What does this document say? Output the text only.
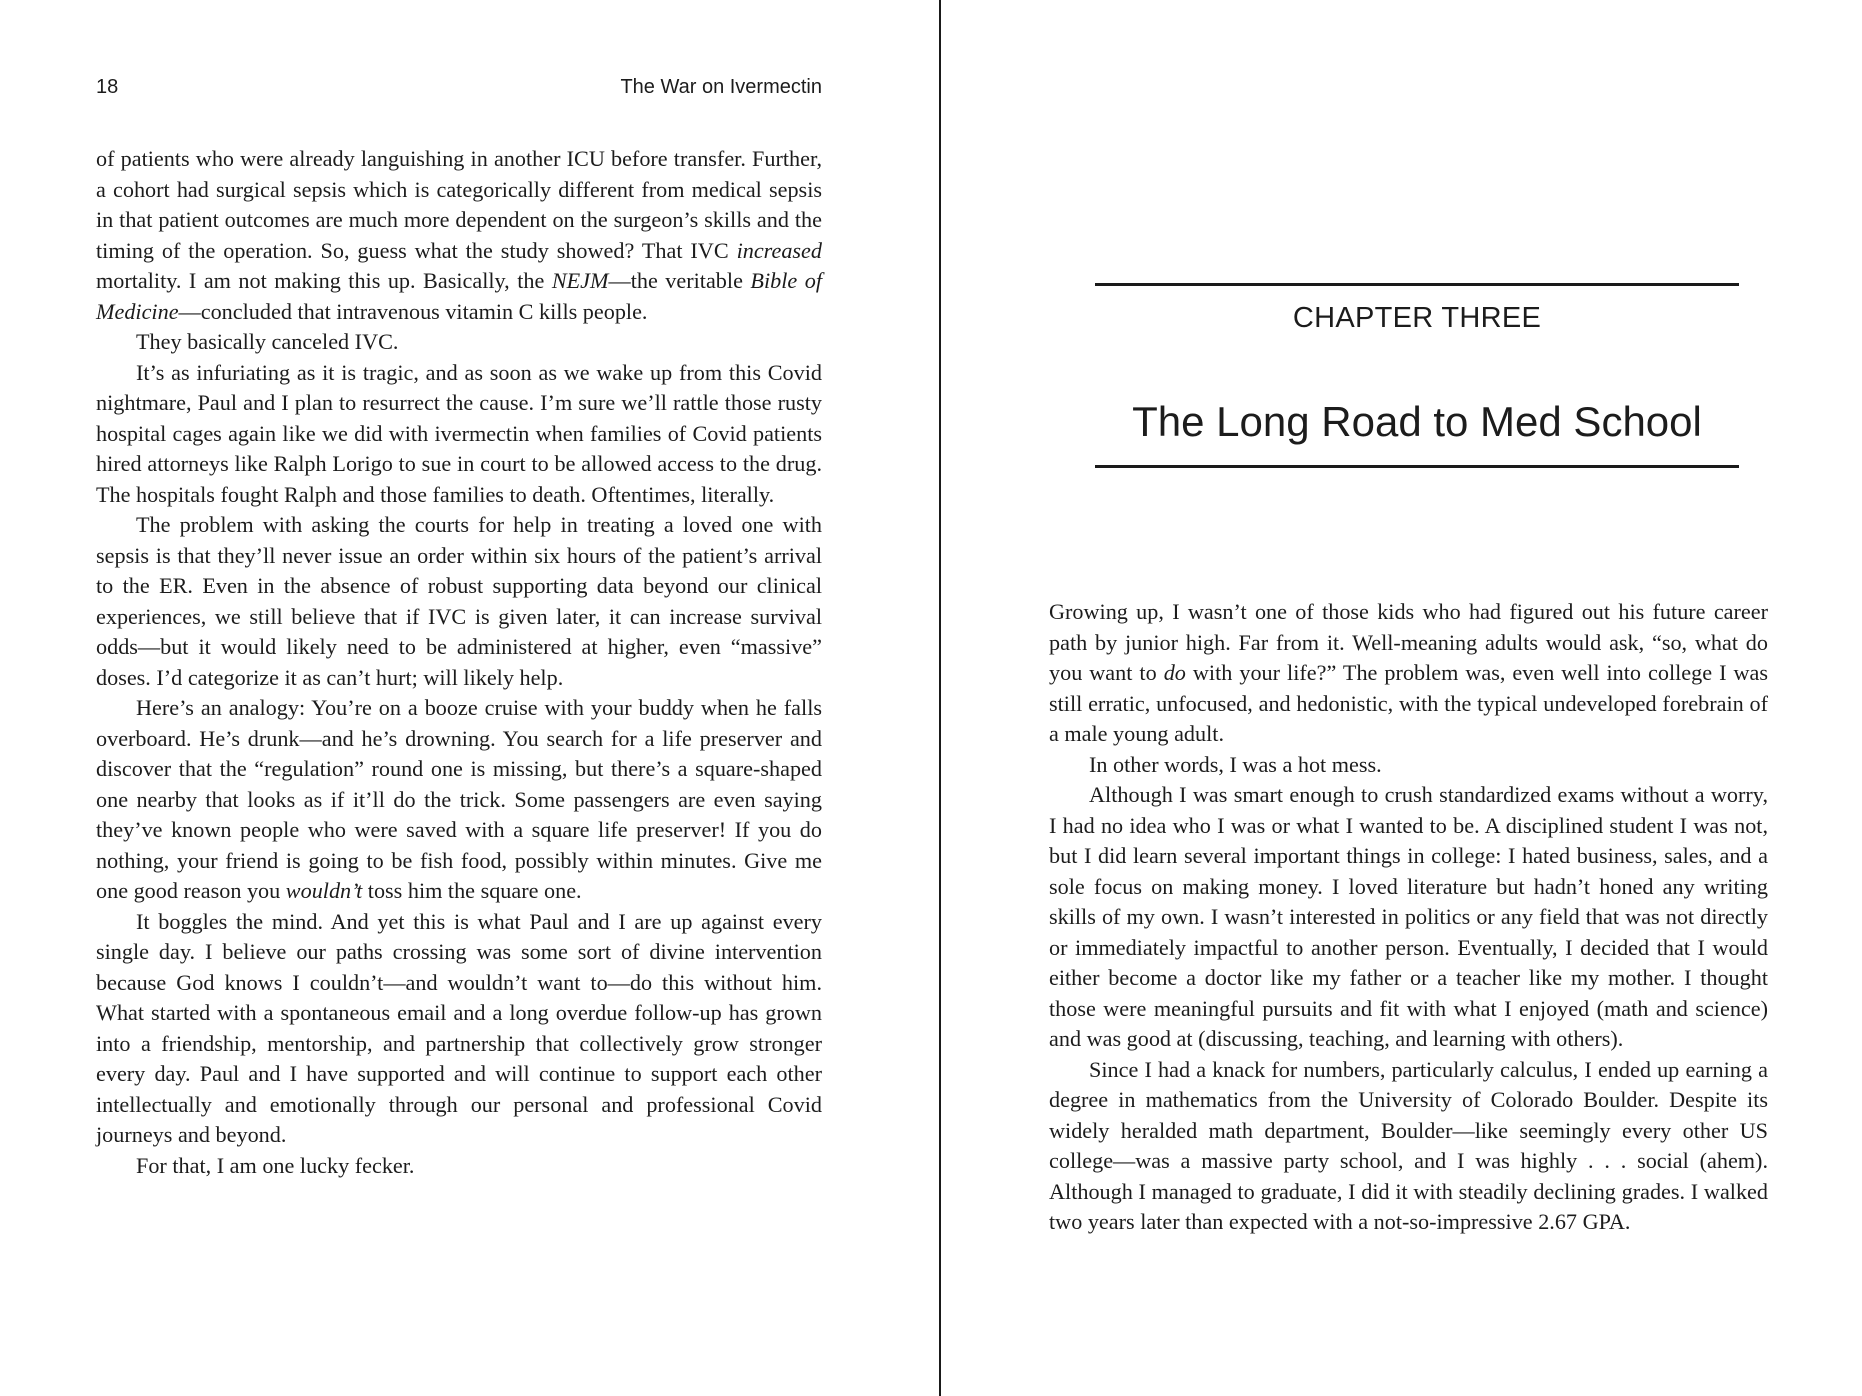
18	The War on Ivermectin

of patients who were already languishing in another ICU before transfer. Further, a cohort had surgical sepsis which is categorically different from medical sepsis in that patient outcomes are much more dependent on the surgeon’s skills and the timing of the operation. So, guess what the study showed? That IVC increased mortality. I am not making this up. Basically, the NEJM—the veritable Bible of Medicine—concluded that intravenous vitamin C kills people.

They basically canceled IVC.

It’s as infuriating as it is tragic, and as soon as we wake up from this Covid nightmare, Paul and I plan to resurrect the cause. I’m sure we’ll rattle those rusty hospital cages again like we did with ivermectin when families of Covid patients hired attorneys like Ralph Lorigo to sue in court to be allowed access to the drug. The hospitals fought Ralph and those families to death. Oftentimes, literally.

The problem with asking the courts for help in treating a loved one with sepsis is that they’ll never issue an order within six hours of the patient’s arrival to the ER. Even in the absence of robust supporting data beyond our clinical experiences, we still believe that if IVC is given later, it can increase survival odds—but it would likely need to be administered at higher, even “massive” doses. I’d categorize it as can’t hurt; will likely help.

Here’s an analogy: You’re on a booze cruise with your buddy when he falls overboard. He’s drunk—and he’s drowning. You search for a life preserver and discover that the “regulation” round one is missing, but there’s a square-shaped one nearby that looks as if it’ll do the trick. Some passengers are even saying they’ve known people who were saved with a square life preserver! If you do nothing, your friend is going to be fish food, possibly within minutes. Give me one good reason you wouldn’t toss him the square one.

It boggles the mind. And yet this is what Paul and I are up against every single day. I believe our paths crossing was some sort of divine intervention because God knows I couldn’t—and wouldn’t want to—do this without him. What started with a spontaneous email and a long overdue follow-up has grown into a friendship, mentorship, and partnership that collectively grow stronger every day. Paul and I have supported and will continue to support each other intellectually and emotionally through our personal and professional Covid journeys and beyond.

For that, I am one lucky fecker.

CHAPTER THREE
The Long Road to Med School

Growing up, I wasn’t one of those kids who had figured out his future career path by junior high. Far from it. Well-meaning adults would ask, “so, what do you want to do with your life?” The problem was, even well into college I was still erratic, unfocused, and hedonistic, with the typical undeveloped forebrain of a male young adult.

In other words, I was a hot mess.

Although I was smart enough to crush standardized exams without a worry, I had no idea who I was or what I wanted to be. A disciplined student I was not, but I did learn several important things in college: I hated business, sales, and a sole focus on making money. I loved literature but hadn’t honed any writing skills of my own. I wasn’t interested in politics or any field that was not directly or immediately impactful to another person. Eventually, I decided that I would either become a doctor like my father or a teacher like my mother. I thought those were meaningful pursuits and fit with what I enjoyed (math and science) and was good at (discussing, teaching, and learning with others).

Since I had a knack for numbers, particularly calculus, I ended up earning a degree in mathematics from the University of Colorado Boulder. Despite its widely heralded math department, Boulder—like seemingly every other US college—was a massive party school, and I was highly . . . social (ahem). Although I managed to graduate, I did it with steadily declining grades. I walked two years later than expected with a not-so-impressive 2.67 GPA.
